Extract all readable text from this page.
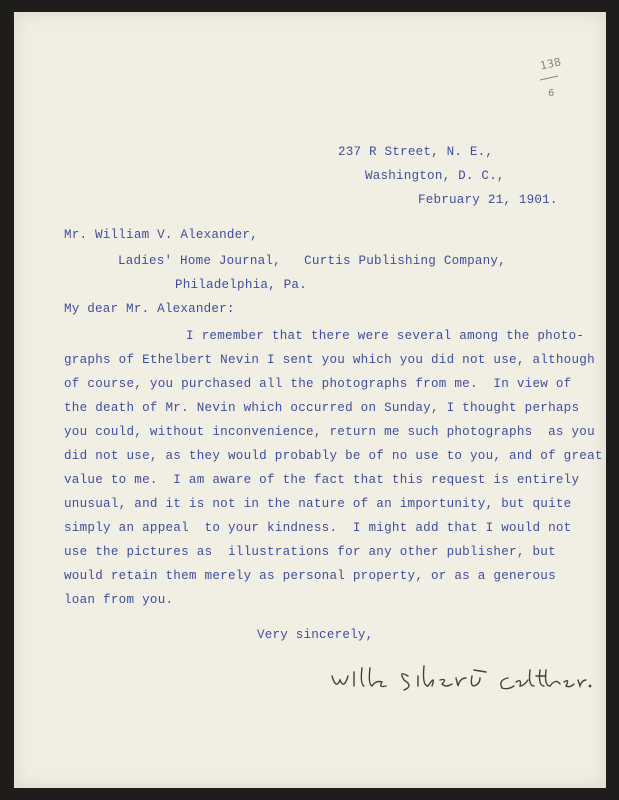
138
6
237 R Street, N. E.,
Washington, D. C.,
February 21, 1901.
Mr. William V. Alexander,
Ladies' Home Journal,   Curtis Publishing Company,
Philadelphia, Pa.
My dear Mr. Alexander:
I remember that there were several among the photo-
graphs of Ethelbert Nevin I sent you which you did not use, although
of course, you purchased all the photographs from me.  In view of
the death of Mr. Nevin which occurred on Sunday, I thought perhaps
you could, without inconvenience, return me such photographs  as you
did not use, as they would probably be of no use to you, and of great
value to me.  I am aware of the fact that this request is entirely
unusual, and it is not in the nature of an importunity, but quite
simply an appeal  to your kindness.  I might add that I would not
use the pictures as  illustrations for any other publisher, but
would retain them merely as personal property, or as a generous
loan from you.
Very sincerely,
